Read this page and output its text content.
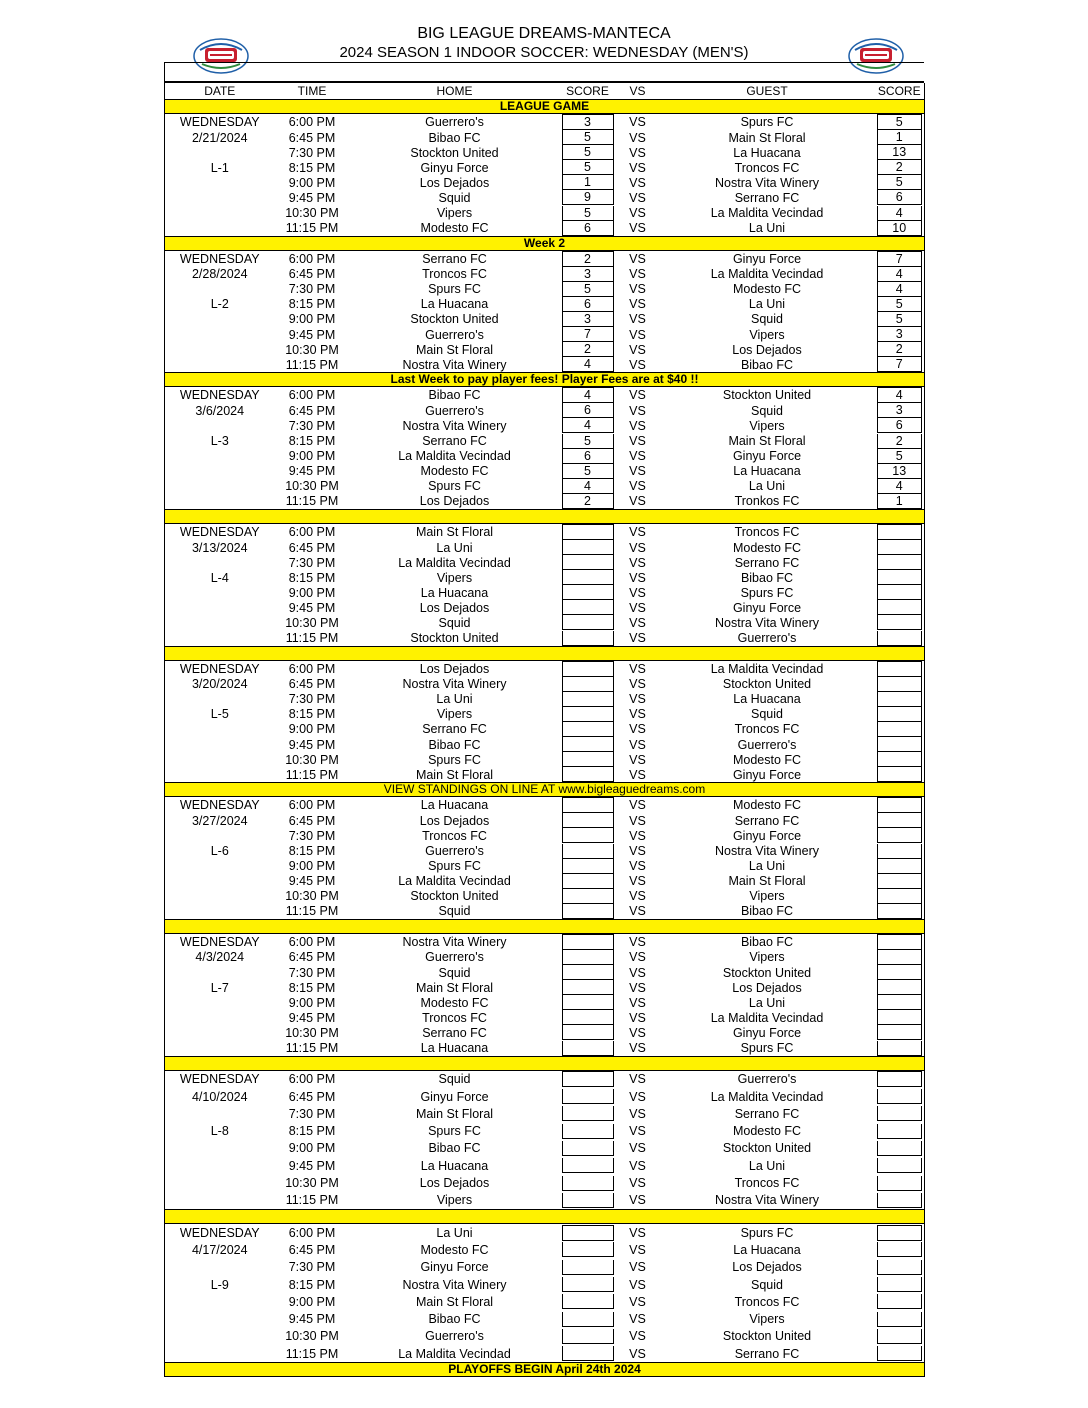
BIG LEAGUE DREAMS-MANTECA
2024 SEASON 1 INDOOR SOCCER: WEDNESDAY (MEN'S)
DATE	TIME	HOME	SCORE	VS	GUEST	SCORE
LEAGUE GAME						
WEDNESDAY	6:00 PM	Guerrero's	3	VS	Spurs FC	5

2/21/2024	6:45 PM	Bibao FC	5	VS	Main St Floral	1

	7:30 PM	Stockton United	5	VS	La Huacana	13

L-1	8:15 PM	Ginyu Force	5	VS	Troncos FC	2

	9:00 PM	Los Dejados	1	VS	Nostra Vita Winery	5

	9:45 PM	Squid	9	VS	Serrano FC	6

	10:30 PM	Vipers	5	VS	La Maldita Vecindad	4

	11:15 PM	Modesto FC	6	VS	La Uni	10

Week 2						
WEDNESDAY	6:00 PM	Serrano FC	2	VS	Ginyu Force	7

2/28/2024	6:45 PM	Troncos FC	3	VS	La Maldita Vecindad	4

	7:30 PM	Spurs FC	5	VS	Modesto FC	4

L-2	8:15 PM	La Huacana	6	VS	La Uni	5

	9:00 PM	Stockton United	3	VS	Squid	5

	9:45 PM	Guerrero's	7	VS	Vipers	3

	10:30 PM	Main St Floral	2	VS	Los Dejados	2

	11:15 PM	Nostra Vita Winery	4	VS	Bibao FC	7

Last Week to pay player fees! Player Fees are at $40 !!						
WEDNESDAY	6:00 PM	Bibao FC	4	VS	Stockton United	4

3/6/2024	6:45 PM	Guerrero's	6	VS	Squid	3

	7:30 PM	Nostra Vita Winery	4	VS	Vipers	6

L-3	8:15 PM	Serrano FC	5	VS	Main St Floral	2

	9:00 PM	La Maldita Vecindad	6	VS	Ginyu Force	5

	9:45 PM	Modesto FC	5	VS	La Huacana	13

	10:30 PM	Spurs FC	4	VS	La Uni	4

	11:15 PM	Los Dejados	2	VS	Tronkos FC	1

WEDNESDAY	6:00 PM	Main St Floral		VS	Troncos FC	

3/13/2024	6:45 PM	La Uni		VS	Modesto FC	

	7:30 PM	La Maldita Vecindad		VS	Serrano FC	

L-4	8:15 PM	Vipers		VS	Bibao FC	

	9:00 PM	La Huacana		VS	Spurs FC	

	9:45 PM	Los Dejados		VS	Ginyu Force	

	10:30 PM	Squid		VS	Nostra Vita Winery	

	11:15 PM	Stockton United		VS	Guerrero's	

WEDNESDAY	6:00 PM	Los Dejados		VS	La Maldita Vecindad	

3/20/2024	6:45 PM	Nostra Vita Winery		VS	Stockton United	

	7:30 PM	La Uni		VS	La Huacana	

L-5	8:15 PM	Vipers		VS	Squid	

	9:00 PM	Serrano FC		VS	Troncos FC	

	9:45 PM	Bibao FC		VS	Guerrero's	

	10:30 PM	Spurs FC		VS	Modesto FC	

	11:15 PM	Main St Floral		VS	Ginyu Force	

VIEW STANDINGS ON LINE AT www.bigleaguedreams.com						
WEDNESDAY	6:00 PM	La Huacana		VS	Modesto FC	

3/27/2024	6:45 PM	Los Dejados		VS	Serrano FC	

	7:30 PM	Troncos FC		VS	Ginyu Force	

L-6	8:15 PM	Guerrero's		VS	Nostra Vita Winery	

	9:00 PM	Spurs FC		VS	La Uni	

	9:45 PM	La Maldita Vecindad		VS	Main St Floral	

	10:30 PM	Stockton United		VS	Vipers	

	11:15 PM	Squid		VS	Bibao FC	

WEDNESDAY	6:00 PM	Nostra Vita Winery		VS	Bibao FC	

4/3/2024	6:45 PM	Guerrero's		VS	Vipers	

	7:30 PM	Squid		VS	Stockton United	

L-7	8:15 PM	Main St Floral		VS	Los Dejados	

	9:00 PM	Modesto FC		VS	La Uni	

	9:45 PM	Troncos FC		VS	La Maldita Vecindad	

	10:30 PM	Serrano FC		VS	Ginyu Force	

	11:15 PM	La Huacana		VS	Spurs FC	

WEDNESDAY	6:00 PM	Squid		VS	Guerrero's	

4/10/2024	6:45 PM	Ginyu Force		VS	La Maldita Vecindad	

	7:30 PM	Main St Floral		VS	Serrano FC	

L-8	8:15 PM	Spurs FC		VS	Modesto FC	

	9:00 PM	Bibao FC		VS	Stockton United	

	9:45 PM	La Huacana		VS	La Uni	

	10:30 PM	Los Dejados		VS	Troncos FC	

	11:15 PM	Vipers		VS	Nostra Vita Winery	

WEDNESDAY	6:00 PM	La Uni		VS	Spurs FC	

4/17/2024	6:45 PM	Modesto FC		VS	La Huacana	

	7:30 PM	Ginyu Force		VS	Los Dejados	

L-9	8:15 PM	Nostra Vita Winery		VS	Squid	

	9:00 PM	Main St Floral		VS	Troncos FC	

	9:45 PM	Bibao FC		VS	Vipers	

	10:30 PM	Guerrero's		VS	Stockton United	

	11:15 PM	La Maldita Vecindad		VS	Serrano FC	

PLAYOFFS BEGIN April 24th 2024						
